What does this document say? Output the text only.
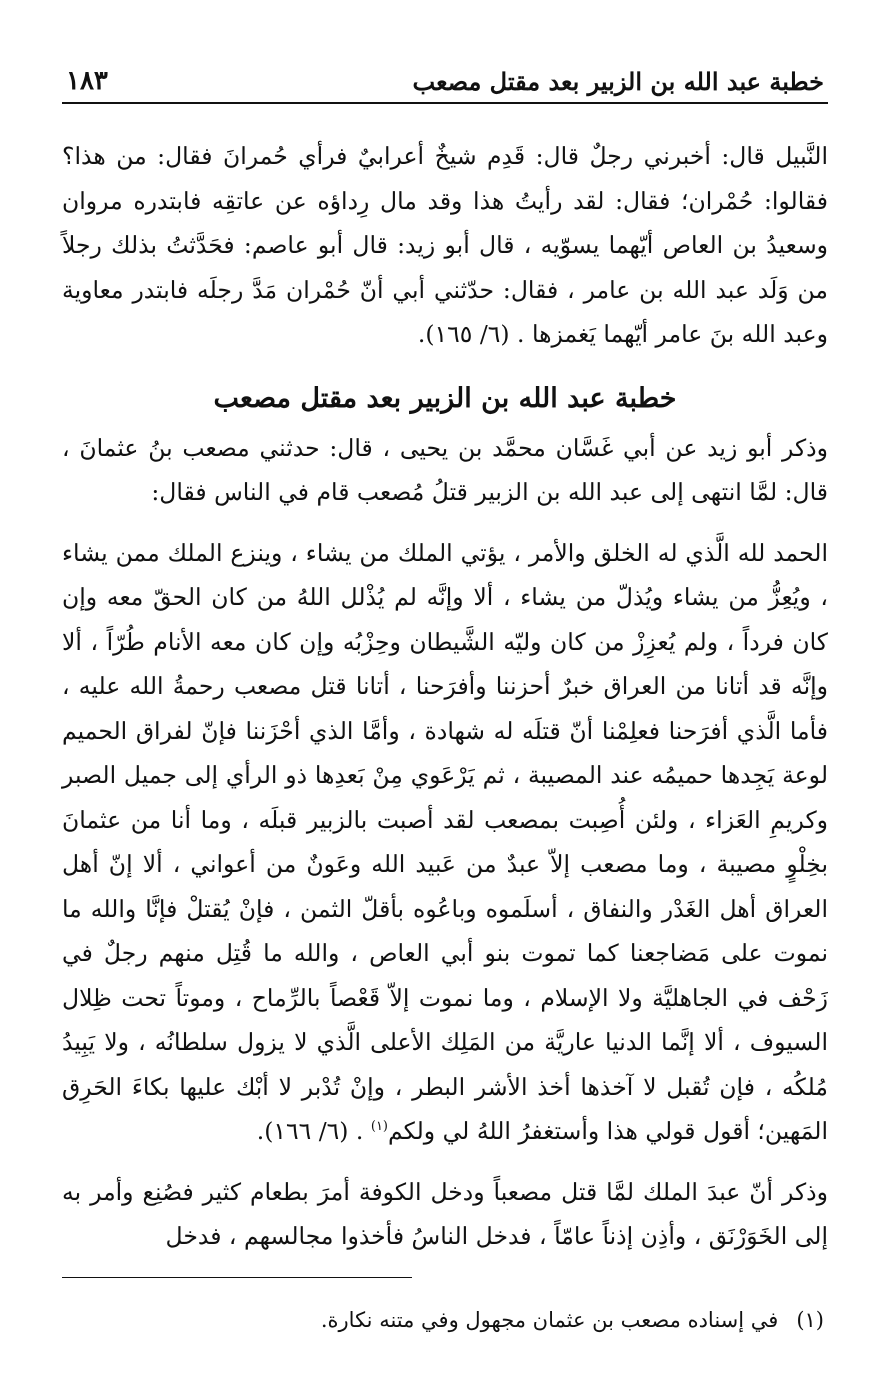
خطبة عبد الله بن الزبير بعد مقتل مصعب
١٨٣

النَّبيل قال: أخبرني رجلٌ قال: قَدِم شيخٌ أعرابيٌ فرأي حُمرانَ فقال: من هذا؟ فقالوا: حُمْران؛ فقال: لقد رأيتُ هذا وقد مال رِداؤه عن عاتقِه فابتدره مروان وسعيدُ بن العاص أيّهما يسوّيه ، قال أبو زيد: قال أبو عاصم: فحَدَّثتُ بذلك رجلاً من وَلَد عبد الله بن عامر ، فقال: حدّثني أبي أنّ حُمْران مَدَّ رجلَه فابتدر معاوية وعبد الله بنَ عامر أيّهما يَغمزها . (٦/ ١٦٥).

خطبة عبد الله بن الزبير بعد مقتل مصعب

وذكر أبو زيد عن أبي غَسَّان محمَّد بن يحيى ، قال: حدثني مصعب بنُ عثمانَ ، قال: لمَّا انتهى إلى عبد الله بن الزبير قتلُ مُصعب قام في الناس فقال:

الحمد لله الَّذي له الخلق والأمر ، يؤتي الملك من يشاء ، وينزع الملك ممن يشاء ، ويُعِزُّ من يشاء ويُذلّ من يشاء ، ألا وإنَّه لم يُذْلل اللهُ من كان الحقّ معه وإن كان فرداً ، ولم يُعزِزْ من كان وليّه الشَّيطان وحِزْبُه وإن كان معه الأنام طُرّاً ، ألا وإنَّه قد أتانا من العراق خبرٌ أحزننا وأفرَحنا ، أتانا قتل مصعب رحمةُ الله عليه ، فأما الَّذي أفرَحنا فعلِمْنا أنّ قتلَه له شهادة ، وأمَّا الذي أحْزَننا فإنّ لفراق الحميم لوعة يَجِدها حميمُه عند المصيبة ، ثم يَرْعَوي مِنْ بَعدِها ذو الرأي إلى جميل الصبر وكريمِ العَزاء ، ولئن أُصِبت بمصعب لقد أصبت بالزبير قبلَه ، وما أنا من عثمانَ بخِلْوٍ مصيبة ، وما مصعب إلاّ عبدٌ من عَبيد الله وعَونٌ من أعواني ، ألا إنّ أهل العراق أهل الغَدْر والنفاق ، أسلَموه وباعُوه بأقلّ الثمن ، فإنْ يُقتلْ فإنَّا والله ما نموت على مَضاجعنا كما تموت بنو أبي العاص ، والله ما قُتِل منهم رجلٌ في زَحْف في الجاهليَّة ولا الإسلام ، وما نموت إلاّ قَعْصاً بالرِّماح ، وموتاً تحت ظِلال السيوف ، ألا إنَّما الدنيا عاريَّة من المَلِك الأعلى الَّذي لا يزول سلطانُه ، ولا يَبِيدُ مُلكُه ، فإن تُقبل لا آخذها أخذ الأشر البطر ، وإنْ تُدْبر لا أبْك عليها بكاءَ الحَرِق المَهين؛ أقول قولي هذا وأستغفرُ اللهُ لي ولكم$^{(١)}$ . (٦/ ١٦٦).

وذكر أنّ عبدَ الملك لمَّا قتل مصعباً ودخل الكوفة أمرَ بطعام كثير فصُنِع وأمر به إلى الخَوَرْنَق ، وأذِن إذناً عامّاً ، فدخل الناسُ فأخذوا مجالسهم ، فدخل

(١)
في إسناده مصعب بن عثمان مجهول وفي متنه نكارة.
